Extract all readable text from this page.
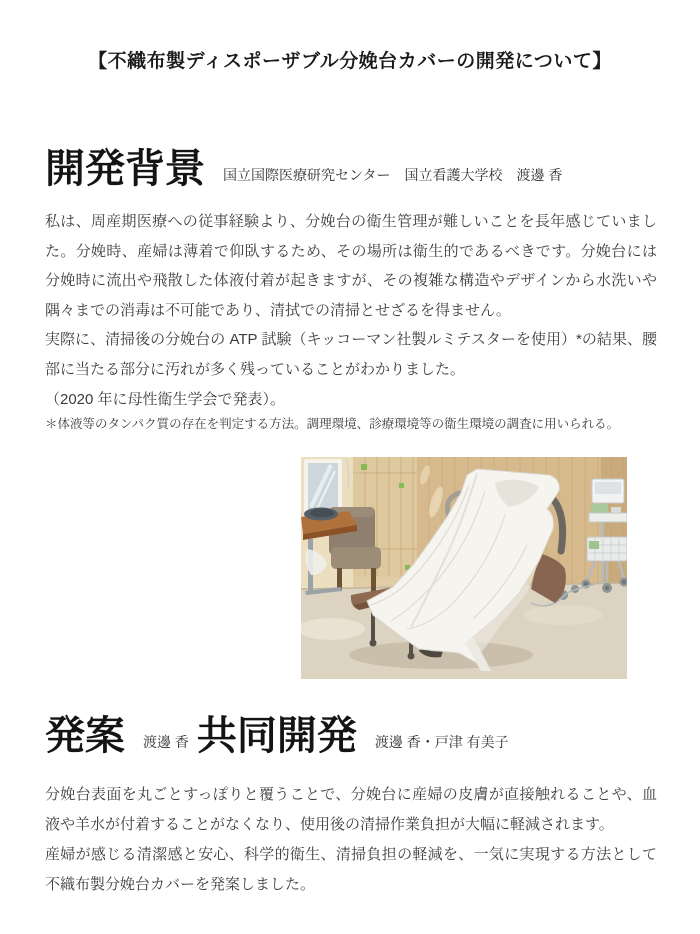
【不織布製ディスポーザブル分娩台カバーの開発について】
開発背景 国立国際医療研究センター　国立看護大学校　渡邊 香

私は、周産期医療への従事経験より、分娩台の衛生管理が難しいことを長年感じていました。分娩時、産婦は薄着で仰臥するため、その場所は衛生的であるべきです。分娩台には分娩時に流出や飛散した体液付着が起きますが、その複雑な構造やデザインから水洗いや隅々までの消毒は不可能であり、清拭での清掃とせざるを得ません。

実際に、清掃後の分娩台の ATP 試験（キッコーマン社製ルミテスターを使用）*の結果、腰部に当たる部分に汚れが多く残っていることがわかりました。

（2020 年に母性衛生学会で発表）。

＊体液等のタンパク質の存在を判定する方法。調理環境、診療環境等の衛生環境の調査に用いられる。
発案 渡邊 香 共同開発 渡邊 香・戸津 有美子

分娩台表面を丸ごとすっぽりと覆うことで、分娩台に産婦の皮膚が直接触れることや、血液や羊水が付着することがなくなり、使用後の清掃作業負担が大幅に軽減されます。

産婦が感じる清潔感と安心、科学的衛生、清掃負担の軽減を、一気に実現する方法として不織布製分娩台カバーを発案しました。
